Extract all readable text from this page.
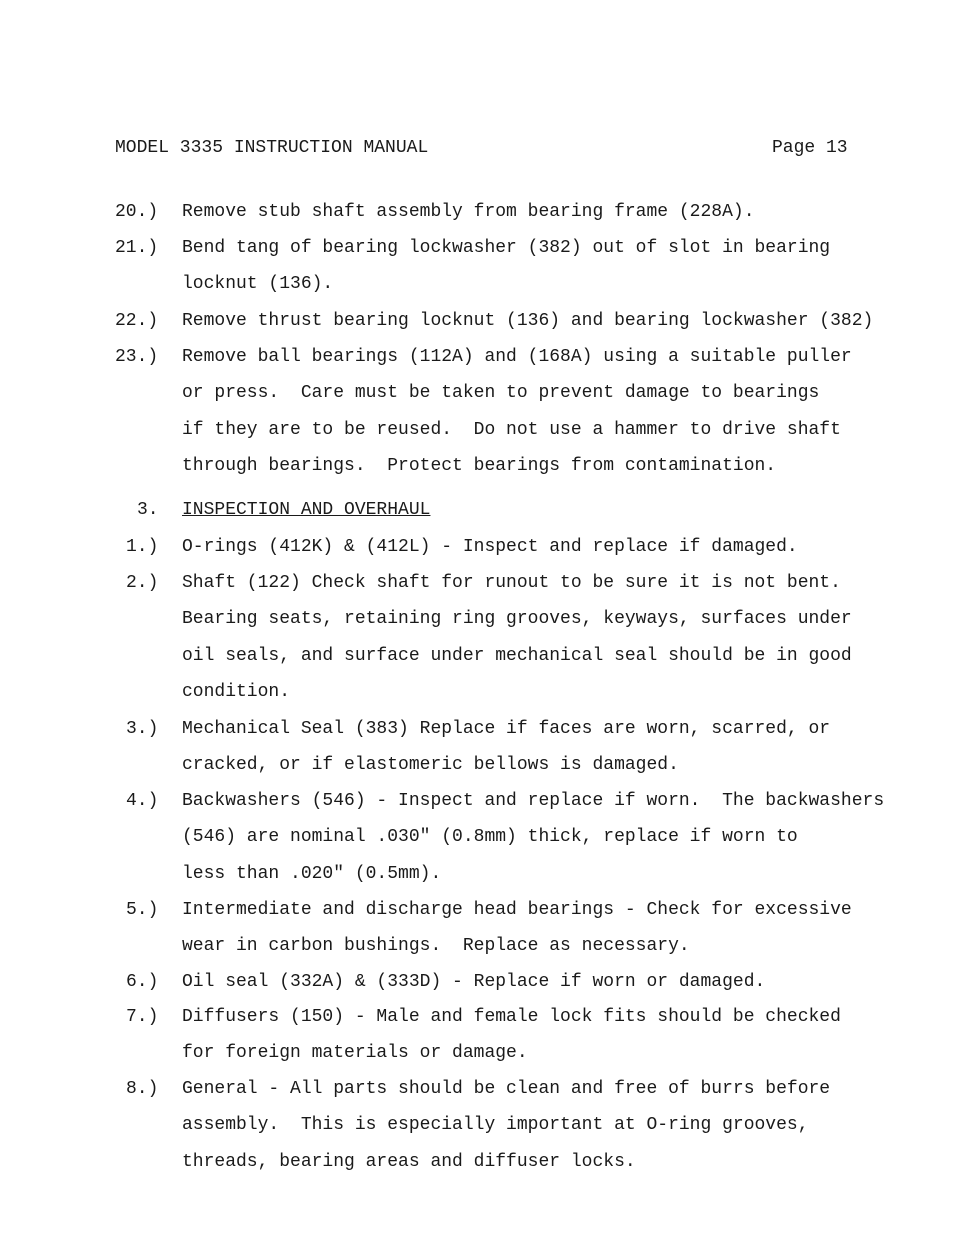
MODEL 3335 INSTRUCTION MANUAL	Page 13
20.) Remove stub shaft assembly from bearing frame (228A).
21.) Bend tang of bearing lockwasher (382) out of slot in bearing
locknut (136).
22.) Remove thrust bearing locknut (136) and bearing lockwasher (382)
23.) Remove ball bearings (112A) and (168A) using a suitable puller
or press.  Care must be taken to prevent damage to bearings
if they are to be reused.  Do not use a hammer to drive shaft
through bearings.  Protect bearings from contamination.
3. INSPECTION AND OVERHAUL
1.) O-rings (412K) & (412L) - Inspect and replace if damaged.
2.) Shaft (122) Check shaft for runout to be sure it is not bent.
Bearing seats, retaining ring grooves, keyways, surfaces under
oil seals, and surface under mechanical seal should be in good
condition.
3.) Mechanical Seal (383) Replace if faces are worn, scarred, or
cracked, or if elastomeric bellows is damaged.
4.) Backwashers (546) - Inspect and replace if worn.  The backwashers
(546) are nominal .030" (0.8mm) thick, replace if worn to
less than .020" (0.5mm).
5.) Intermediate and discharge head bearings - Check for excessive
wear in carbon bushings.  Replace as necessary.
6.) Oil seal (332A) & (333D) - Replace if worn or damaged.
7.) Diffusers (150) - Male and female lock fits should be checked
for foreign materials or damage.
8.) General - All parts should be clean and free of burrs before
assembly.  This is especially important at O-ring grooves,
threads, bearing areas and diffuser locks.
